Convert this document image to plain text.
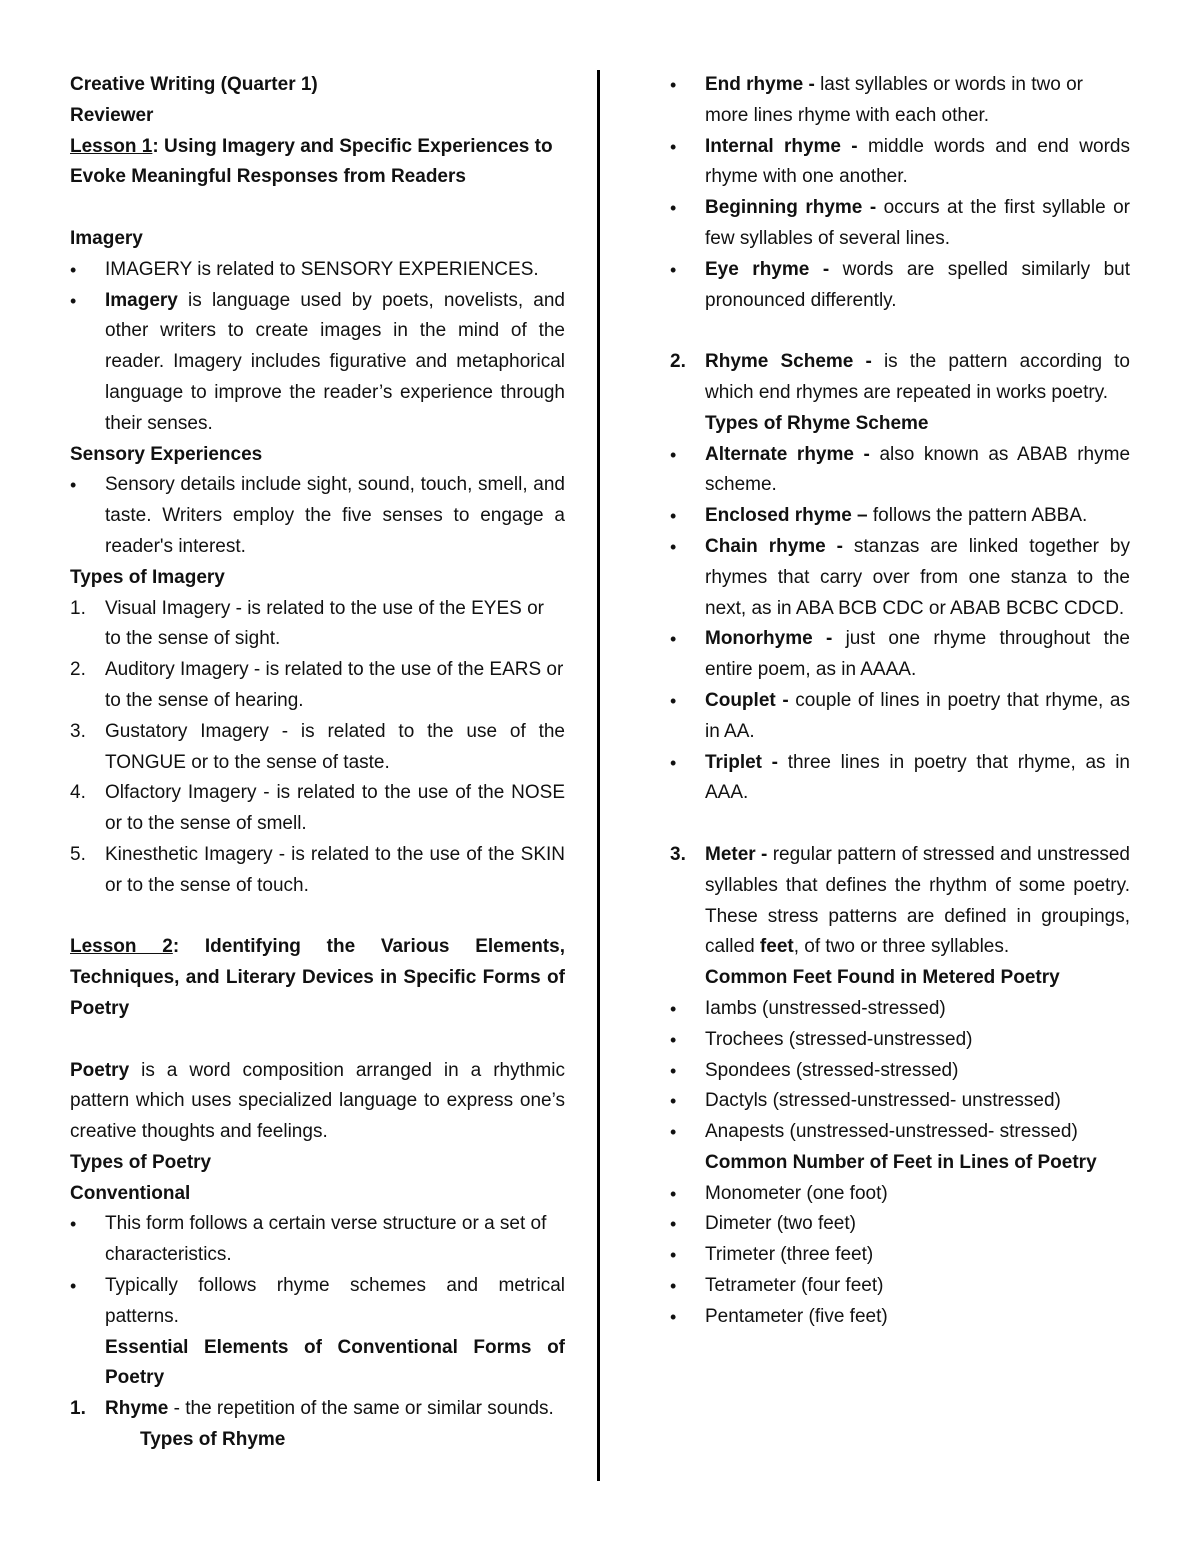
Creative Writing (Quarter 1)
Reviewer
Lesson 1: Using Imagery and Specific Experiences to Evoke Meaningful Responses from Readers
Imagery
• IMAGERY is related to SENSORY EXPERIENCES.
• Imagery is language used by poets, novelists, and other writers to create images in the mind of the reader. Imagery includes figurative and metaphorical language to improve the reader’s experience through their senses.
Sensory Experiences
• Sensory details include sight, sound, touch, smell, and taste. Writers employ the five senses to engage a reader's interest.
Types of Imagery
1. Visual Imagery - is related to the use of the EYES or to the sense of sight.
2. Auditory Imagery - is related to the use of the EARS or to the sense of hearing.
3. Gustatory Imagery - is related to the use of the TONGUE or to the sense of taste.
4. Olfactory Imagery - is related to the use of the NOSE or to the sense of smell.
5. Kinesthetic Imagery - is related to the use of the SKIN or to the sense of touch.
Lesson 2: Identifying the Various Elements, Techniques, and Literary Devices in Specific Forms of Poetry
Poetry is a word composition arranged in a rhythmic pattern which uses specialized language to express one’s creative thoughts and feelings.
Types of Poetry
Conventional
• This form follows a certain verse structure or a set of characteristics.
• Typically follows rhyme schemes and metrical patterns.
Essential Elements of Conventional Forms of Poetry
1. Rhyme - the repetition of the same or similar sounds.
Types of Rhyme
• End rhyme - last syllables or words in two or more lines rhyme with each other.
• Internal rhyme - middle words and end words rhyme with one another.
• Beginning rhyme - occurs at the first syllable or few syllables of several lines.
• Eye rhyme - words are spelled similarly but pronounced differently.
2. Rhyme Scheme - is the pattern according to which end rhymes are repeated in works poetry.
Types of Rhyme Scheme
• Alternate rhyme - also known as ABAB rhyme scheme.
• Enclosed rhyme – follows the pattern ABBA.
• Chain rhyme - stanzas are linked together by rhymes that carry over from one stanza to the next, as in ABA BCB CDC or ABAB BCBC CDCD.
• Monorhyme - just one rhyme throughout the entire poem, as in AAAA.
• Couplet - couple of lines in poetry that rhyme, as in AA.
• Triplet - three lines in poetry that rhyme, as in AAA.
3. Meter - regular pattern of stressed and unstressed syllables that defines the rhythm of some poetry. These stress patterns are defined in groupings, called feet, of two or three syllables.
Common Feet Found in Metered Poetry
• Iambs (unstressed-stressed)
• Trochees (stressed-unstressed)
• Spondees (stressed-stressed)
• Dactyls (stressed-unstressed- unstressed)
• Anapests (unstressed-unstressed- stressed)
Common Number of Feet in Lines of Poetry
• Monometer (one foot)
• Dimeter (two feet)
• Trimeter (three feet)
• Tetrameter (four feet)
• Pentameter (five feet)
